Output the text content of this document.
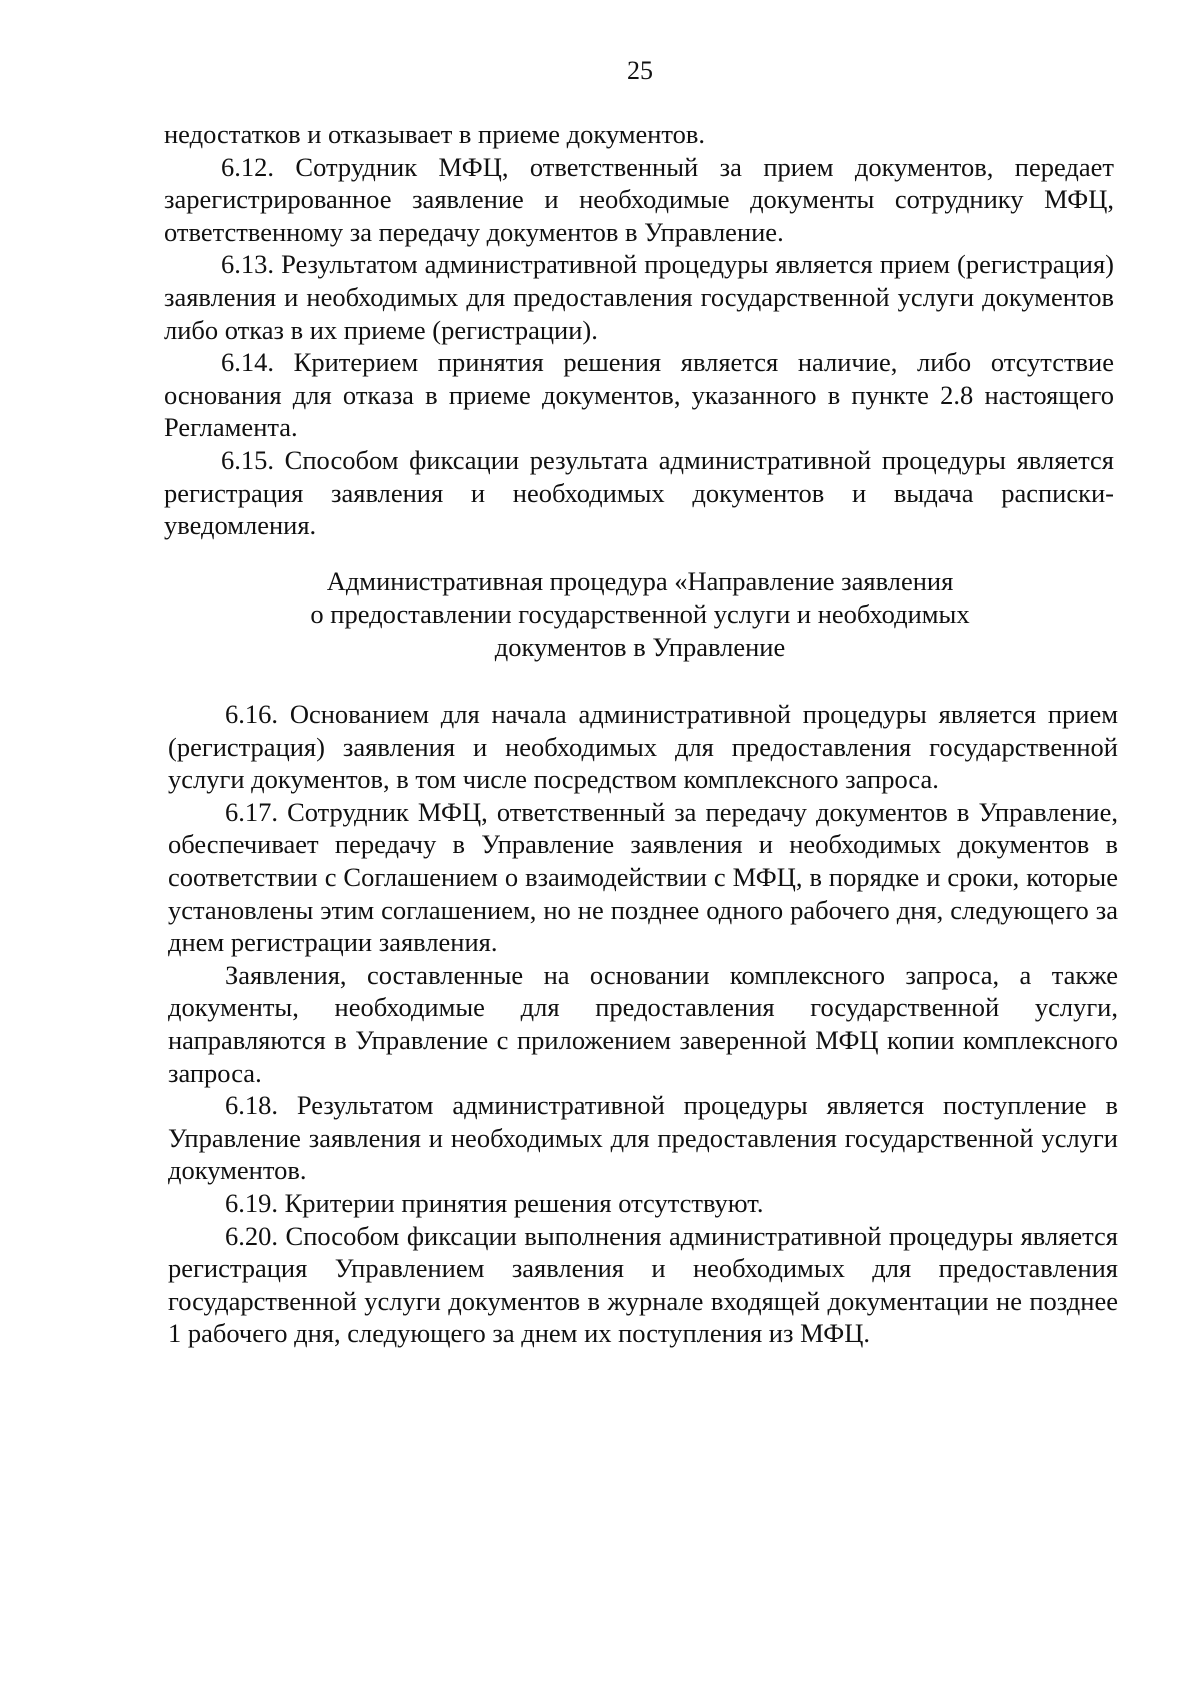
25

недостатков и отказывает в приеме документов.

6.12. Сотрудник МФЦ, ответственный за прием документов, передает зарегистрированное заявление и необходимые документы сотруднику МФЦ, ответственному за передачу документов в Управление.

6.13. Результатом административной процедуры является прием (регистрация) заявления и необходимых для предоставления государственной услуги документов либо отказ в их приеме (регистрации).

6.14. Критерием принятия решения является наличие, либо отсутствие основания для отказа в приеме документов, указанного в пункте 2.8 настоящего Регламента.

6.15. Способом фиксации результата административной процедуры является регистрация заявления и необходимых документов и выдача расписки-уведомления.

Административная процедура «Направление заявления
о предоставлении государственной услуги и необходимых
документов в Управление

6.16. Основанием для начала административной процедуры является прием (регистрация) заявления и необходимых для предоставления государственной услуги документов, в том числе посредством комплексного запроса.

6.17. Сотрудник МФЦ, ответственный за передачу документов в Управление, обеспечивает передачу в Управление заявления и необходимых документов в соответствии с Соглашением о взаимодействии с МФЦ, в порядке и сроки, которые установлены этим соглашением, но не позднее одного рабочего дня, следующего за днем регистрации заявления.

Заявления, составленные на основании комплексного запроса, а также документы, необходимые для предоставления государственной услуги, направляются в Управление с приложением заверенной МФЦ копии комплексного запроса.

6.18. Результатом административной процедуры является поступление в Управление заявления и необходимых для предоставления государственной услуги документов.

6.19. Критерии принятия решения отсутствуют.

6.20. Способом фиксации выполнения административной процедуры является регистрация Управлением заявления и необходимых для предоставления государственной услуги документов в журнале входящей документации не позднее 1 рабочего дня, следующего за днем их поступления из МФЦ.
